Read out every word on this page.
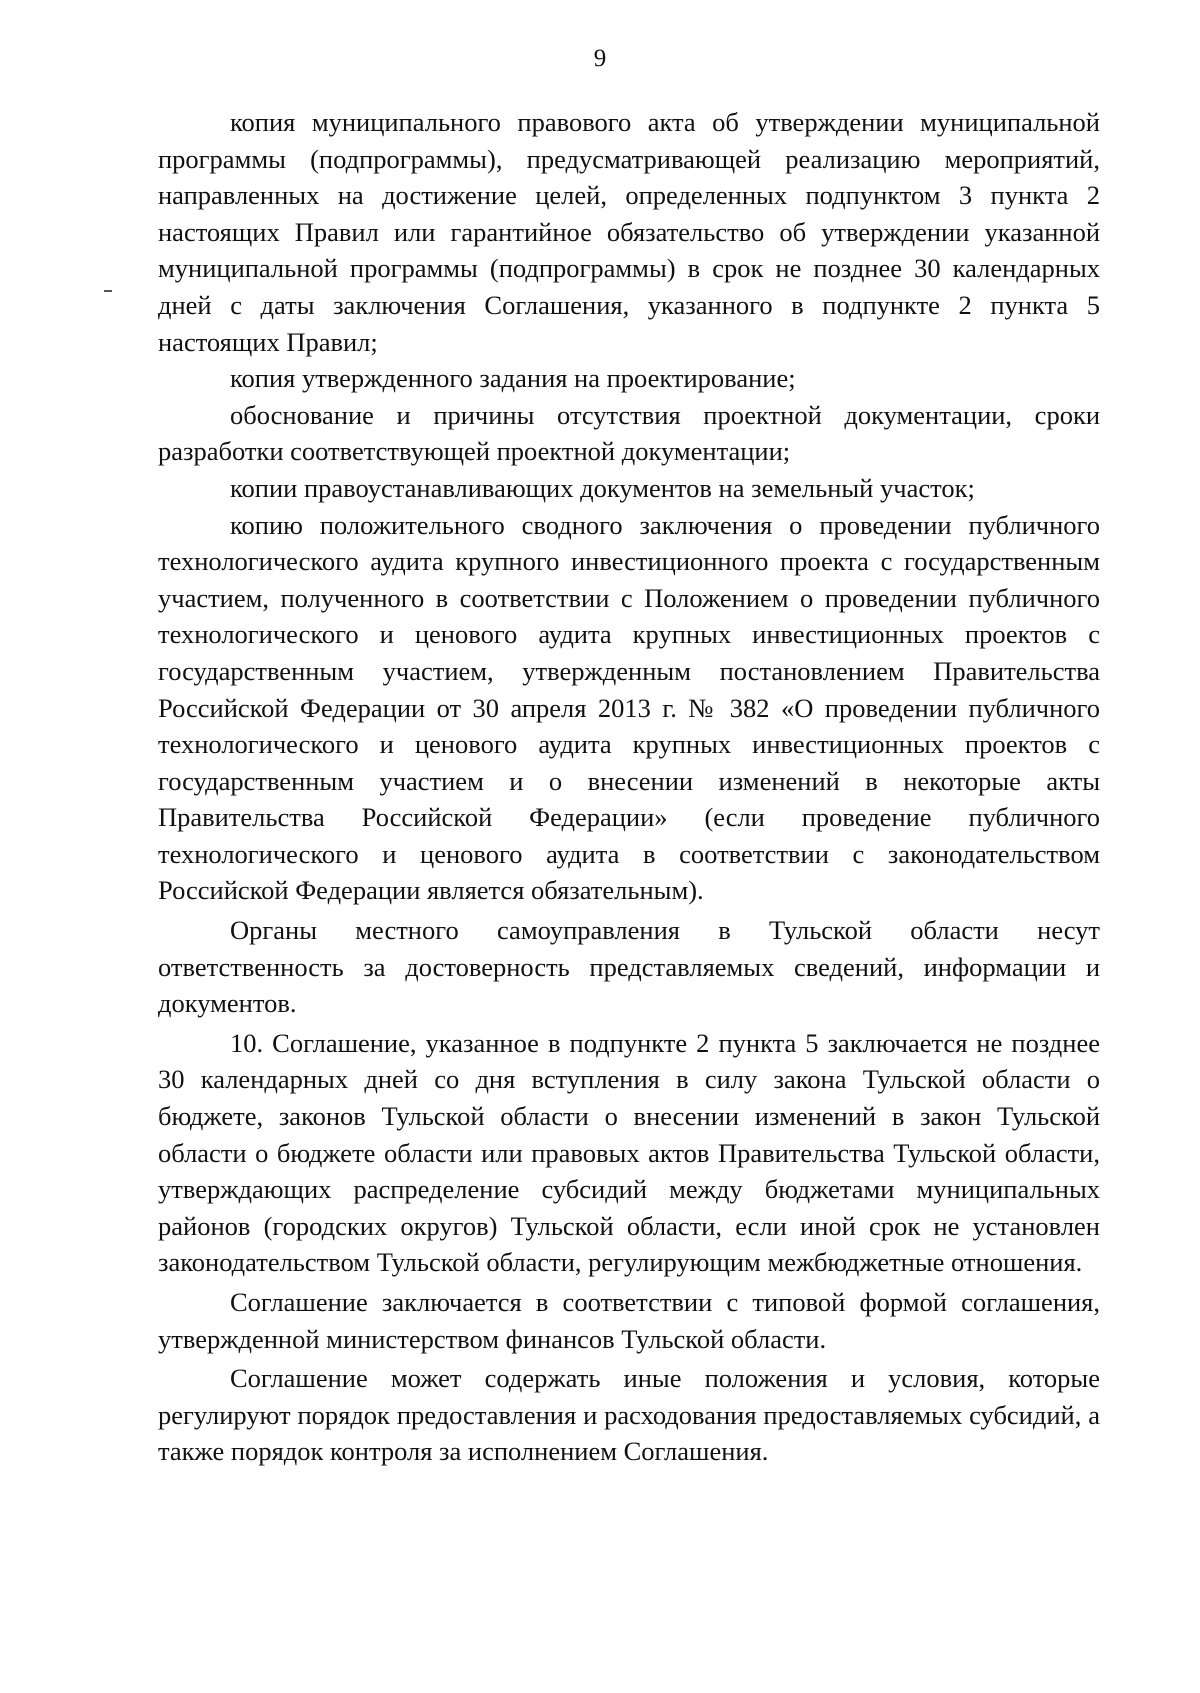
9

копия муниципального правового акта об утверждении муниципальной программы (подпрограммы), предусматривающей реализацию мероприятий, направленных на достижение целей, определенных подпунктом 3 пункта 2 настоящих Правил или гарантийное обязательство об утверждении указанной муниципальной программы (подпрограммы) в срок не позднее 30 календарных дней с даты заключения Соглашения, указанного в подпункте 2 пункта 5 настоящих Правил;

копия утвержденного задания на проектирование;

обоснование и причины отсутствия проектной документации, сроки разработки соответствующей проектной документации;

копии правоустанавливающих документов на земельный участок;

копию положительного сводного заключения о проведении публичного технологического аудита крупного инвестиционного проекта с государственным участием, полученного в соответствии с Положением о проведении публичного технологического и ценового аудита крупных инвестиционных проектов с государственным участием, утвержденным постановлением Правительства Российской Федерации от 30 апреля 2013 г. № 382 «О проведении публичного технологического и ценового аудита крупных инвестиционных проектов с государственным участием и о внесении изменений в некоторые акты Правительства Российской Федерации» (если проведение публичного технологического и ценового аудита в соответствии с законодательством Российской Федерации является обязательным).

Органы местного самоуправления в Тульской области несут ответственность за достоверность представляемых сведений, информации и документов.

10. Соглашение, указанное в подпункте 2 пункта 5 заключается не позднее 30 календарных дней со дня вступления в силу закона Тульской области о бюджете, законов Тульской области о внесении изменений в закон Тульской области о бюджете области или правовых актов Правительства Тульской области, утверждающих распределение субсидий между бюджетами муниципальных районов (городских округов) Тульской области, если иной срок не установлен законодательством Тульской области, регулирующим межбюджетные отношения.

Соглашение заключается в соответствии с типовой формой соглашения, утвержденной министерством финансов Тульской области.

Соглашение может содержать иные положения и условия, которые регулируют порядок предоставления и расходования предоставляемых субсидий, а также порядок контроля за исполнением Соглашения.
